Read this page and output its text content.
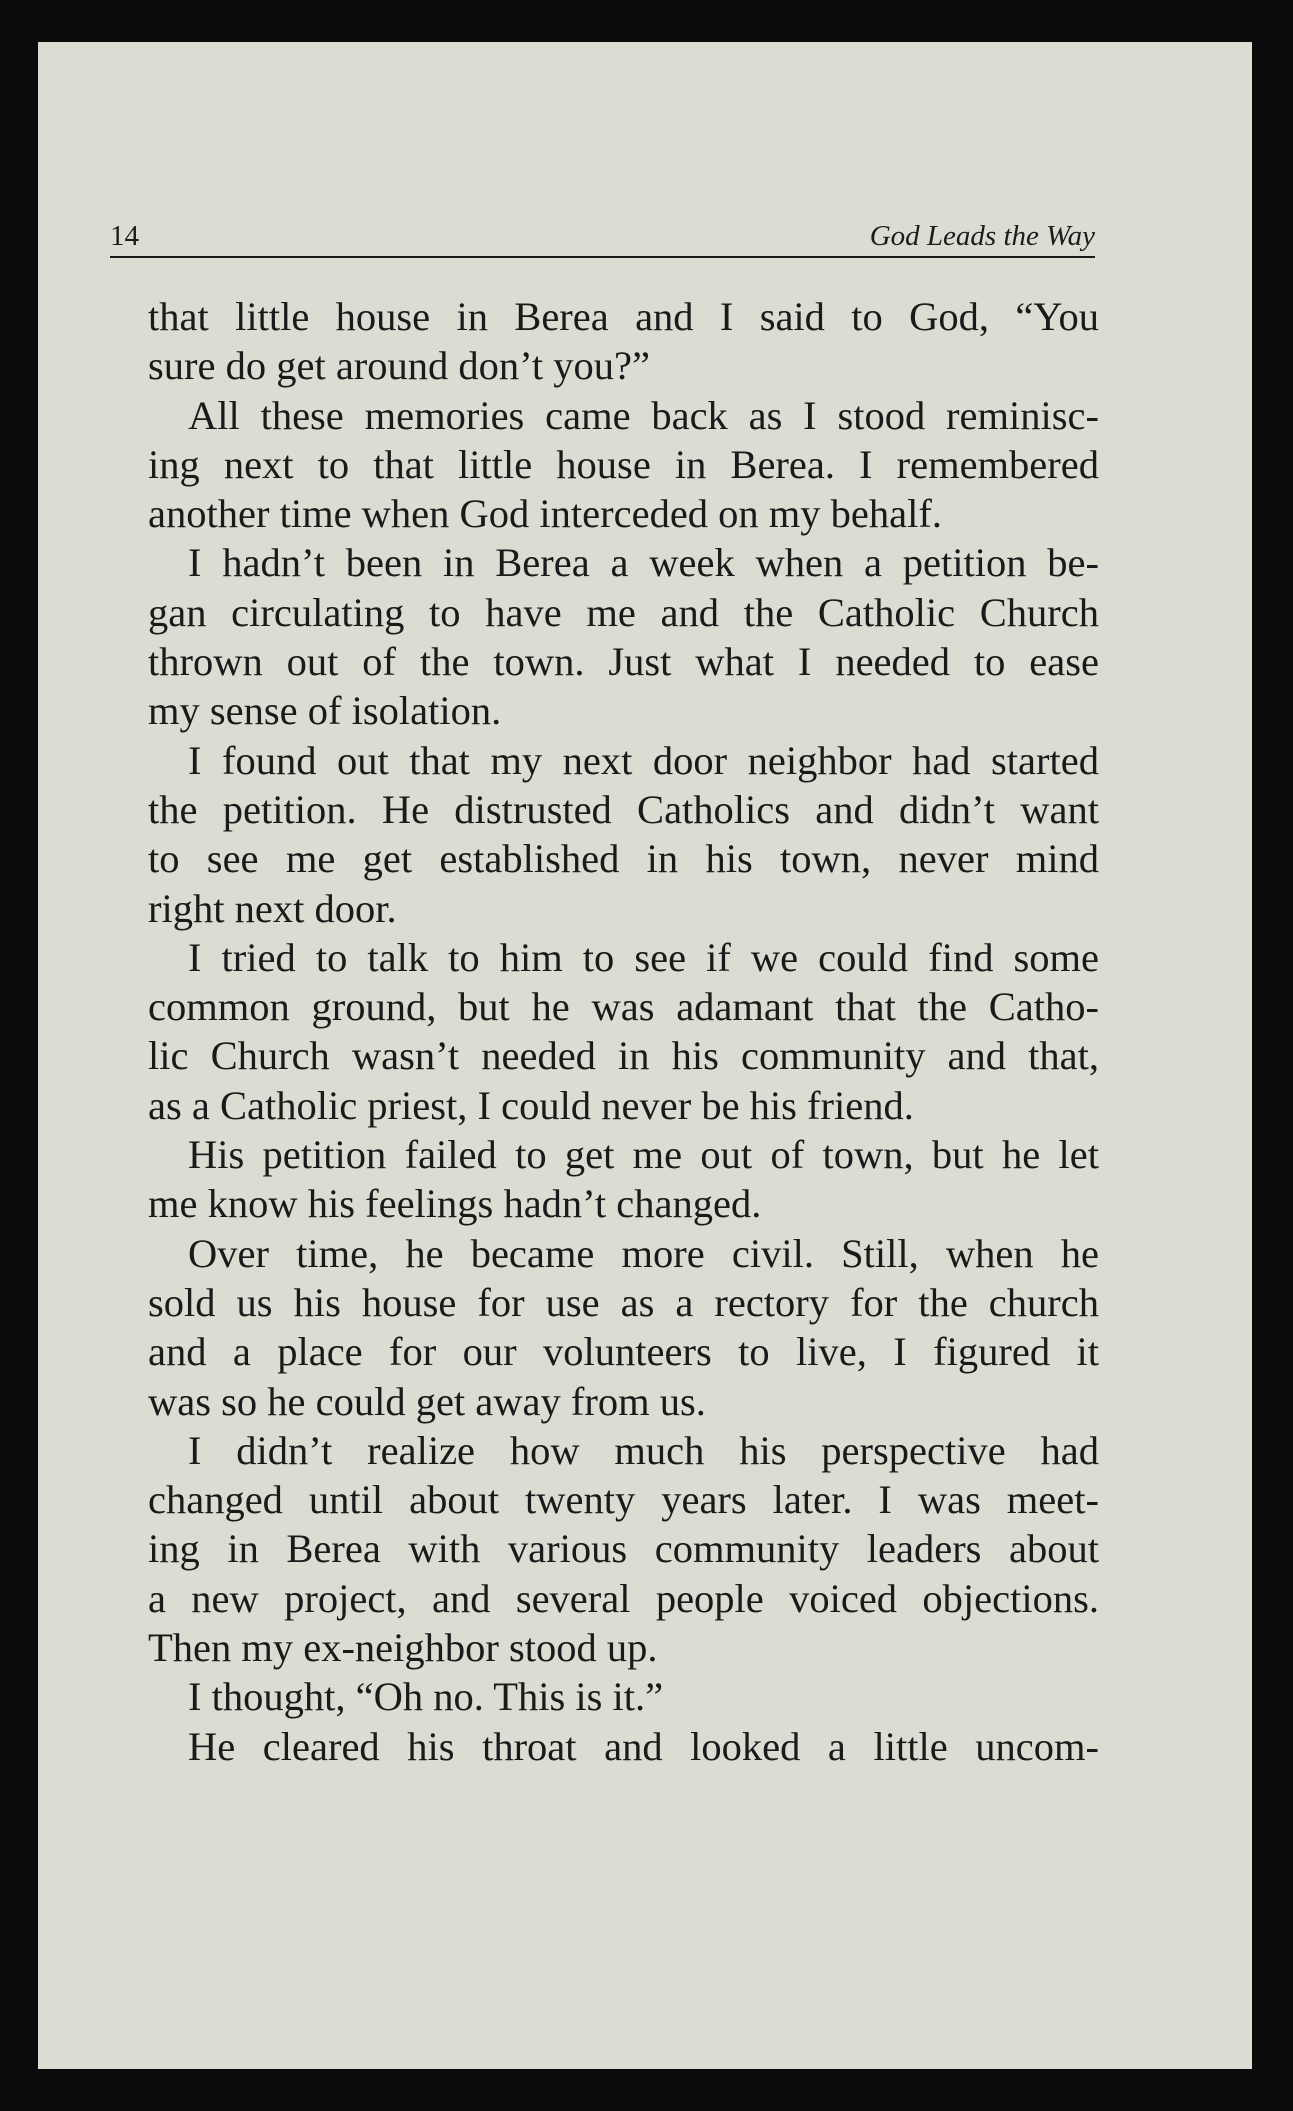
14	God Leads the Way
that little house in Berea and I said to God, “You
sure do get around don’t you?”
All these memories came back as I stood reminisc-
ing next to that little house in Berea. I remembered
another time when God interceded on my behalf.
I hadn’t been in Berea a week when a petition be-
gan circulating to have me and the Catholic Church
thrown out of the town. Just what I needed to ease
my sense of isolation.
I found out that my next door neighbor had started
the petition. He distrusted Catholics and didn’t want
to see me get established in his town, never mind
right next door.
I tried to talk to him to see if we could find some
common ground, but he was adamant that the Catho-
lic Church wasn’t needed in his community and that,
as a Catholic priest, I could never be his friend.
His petition failed to get me out of town, but he let
me know his feelings hadn’t changed.
Over time, he became more civil. Still, when he
sold us his house for use as a rectory for the church
and a place for our volunteers to live, I figured it
was so he could get away from us.
I didn’t realize how much his perspective had
changed until about twenty years later. I was meet-
ing in Berea with various community leaders about
a new project, and several people voiced objections.
Then my ex-neighbor stood up.
I thought, “Oh no. This is it.”
He cleared his throat and looked a little uncom-
